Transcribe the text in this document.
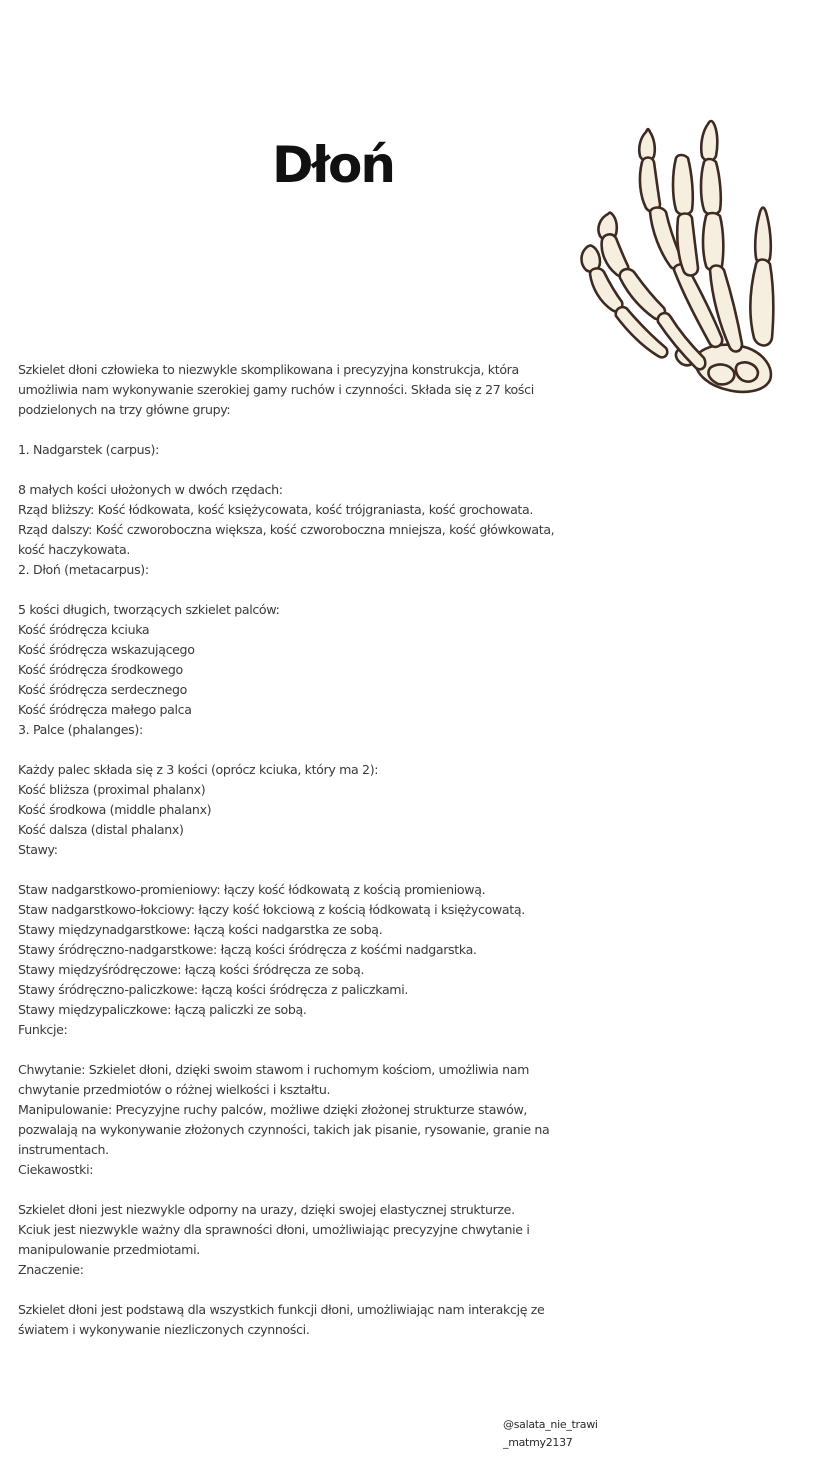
Dłoń
Szkielet dłoni człowieka to niezwykle skomplikowana i precyzyjna konstrukcja, która
umożliwia nam wykonywanie szerokiej gamy ruchów i czynności. Składa się z 27 kości
podzielonych na trzy główne grupy:
1. Nadgarstek (carpus):
8 małych kości ułożonych w dwóch rzędach:
Rząd bliższy: Kość łódkowata, kość księżycowata, kość trójgraniasta, kość grochowata.
Rząd dalszy: Kość czworoboczna większa, kość czworoboczna mniejsza, kość główkowata,
kość haczykowata.
2. Dłoń (metacarpus):
5 kości długich, tworzących szkielet palców:
Kość śródręcza kciuka
Kość śródręcza wskazującego
Kość śródręcza środkowego
Kość śródręcza serdecznego
Kość śródręcza małego palca
3. Palce (phalanges):
Każdy palec składa się z 3 kości (oprócz kciuka, który ma 2):
Kość bliższa (proximal phalanx)
Kość środkowa (middle phalanx)
Kość dalsza (distal phalanx)
Stawy:
Staw nadgarstkowo-promieniowy: łączy kość łódkowatą z kością promieniową.
Staw nadgarstkowo-łokciowy: łączy kość łokciową z kością łódkowatą i księżycowatą.
Stawy międzynadgarstkowe: łączą kości nadgarstka ze sobą.
Stawy śródręczno-nadgarstkowe: łączą kości śródręcza z kośćmi nadgarstka.
Stawy międzyśródręczowe: łączą kości śródręcza ze sobą.
Stawy śródręczno-paliczkowe: łączą kości śródręcza z paliczkami.
Stawy międzypaliczkowe: łączą paliczki ze sobą.
Funkcje:
Chwytanie: Szkielet dłoni, dzięki swoim stawom i ruchomym kościom, umożliwia nam
chwytanie przedmiotów o różnej wielkości i kształtu.
Manipulowanie: Precyzyjne ruchy palców, możliwe dzięki złożonej strukturze stawów,
pozwalają na wykonywanie złożonych czynności, takich jak pisanie, rysowanie, granie na
instrumentach.
Ciekawostki:
Szkielet dłoni jest niezwykle odporny na urazy, dzięki swojej elastycznej strukturze.
Kciuk jest niezwykle ważny dla sprawności dłoni, umożliwiając precyzyjne chwytanie i
manipulowanie przedmiotami.
Znaczenie:
Szkielet dłoni jest podstawą dla wszystkich funkcji dłoni, umożliwiając nam interakcję ze
światem i wykonywanie niezliczonych czynności.
@salata_nie_trawi
_matmy2137
